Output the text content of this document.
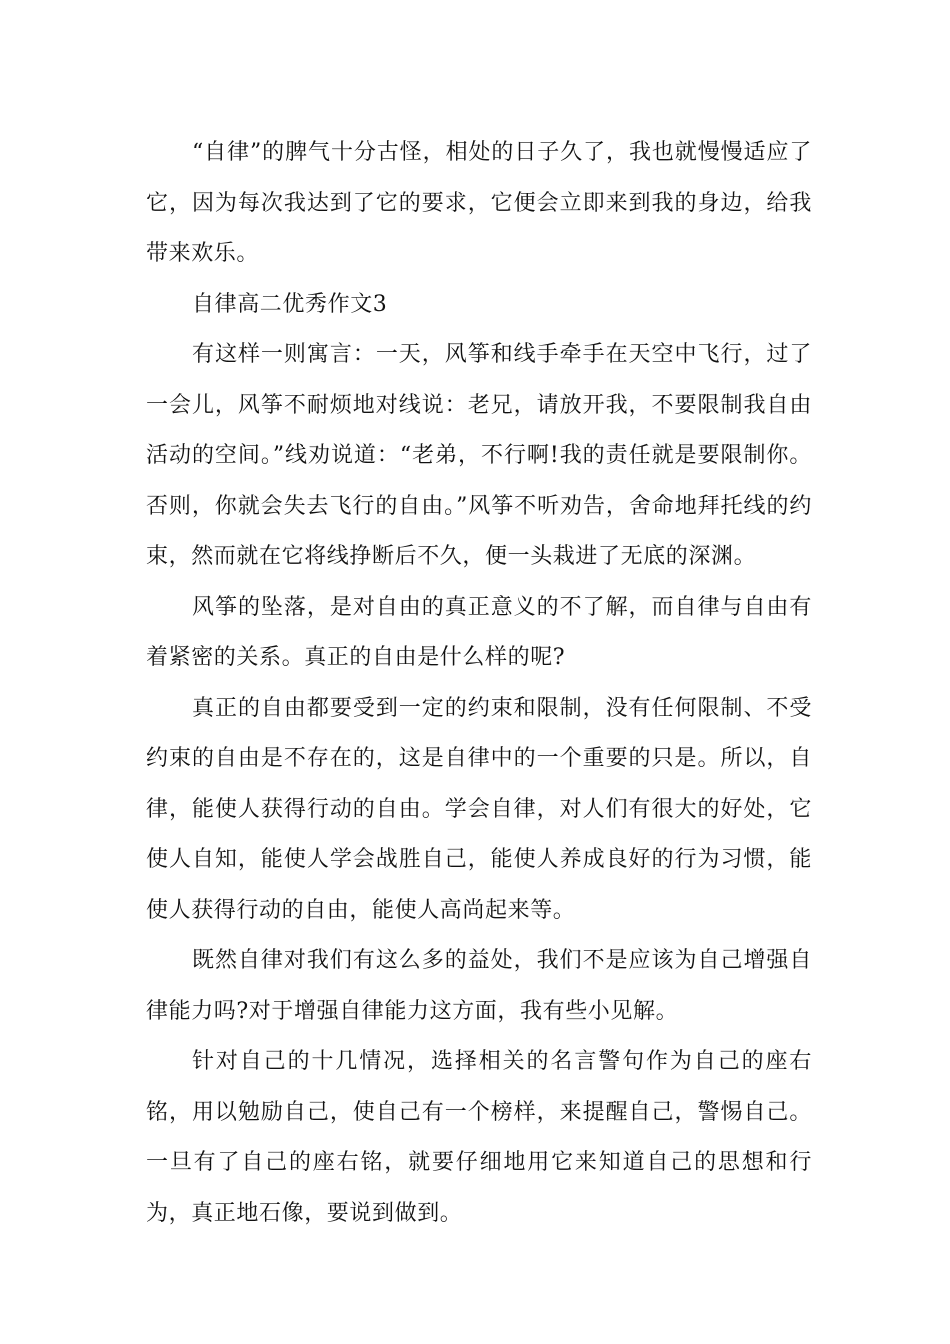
“自律”的脾气十分古怪，相处的日子久了，我也就慢慢适应了它，因为每次我达到了它的要求，它便会立即来到我的身边，给我带来欢乐。

自律高二优秀作文3

有这样一则寓言：一天，风筝和线手牵手在天空中飞行，过了一会儿，风筝不耐烦地对线说：老兄，请放开我，不要限制我自由活动的空间。”线劝说道：“老弟，不行啊!我的责任就是要限制你。否则，你就会失去飞行的自由。”风筝不听劝告，舍命地拜托线的约束，然而就在它将线挣断后不久，便一头栽进了无底的深渊。

风筝的坠落，是对自由的真正意义的不了解，而自律与自由有着紧密的关系。真正的自由是什么样的呢?

真正的自由都要受到一定的约束和限制，没有任何限制、不受约束的自由是不存在的，这是自律中的一个重要的只是。所以，自律，能使人获得行动的自由。学会自律，对人们有很大的好处，它使人自知，能使人学会战胜自己，能使人养成良好的行为习惯，能使人获得行动的自由，能使人高尚起来等。

既然自律对我们有这么多的益处，我们不是应该为自己增强自律能力吗?对于增强自律能力这方面，我有些小见解。

针对自己的十几情况，选择相关的名言警句作为自己的座右铭，用以勉励自己，使自己有一个榜样，来提醒自己，警惕自己。一旦有了自己的座右铭，就要仔细地用它来知道自己的思想和行为，真正地石像，要说到做到。
